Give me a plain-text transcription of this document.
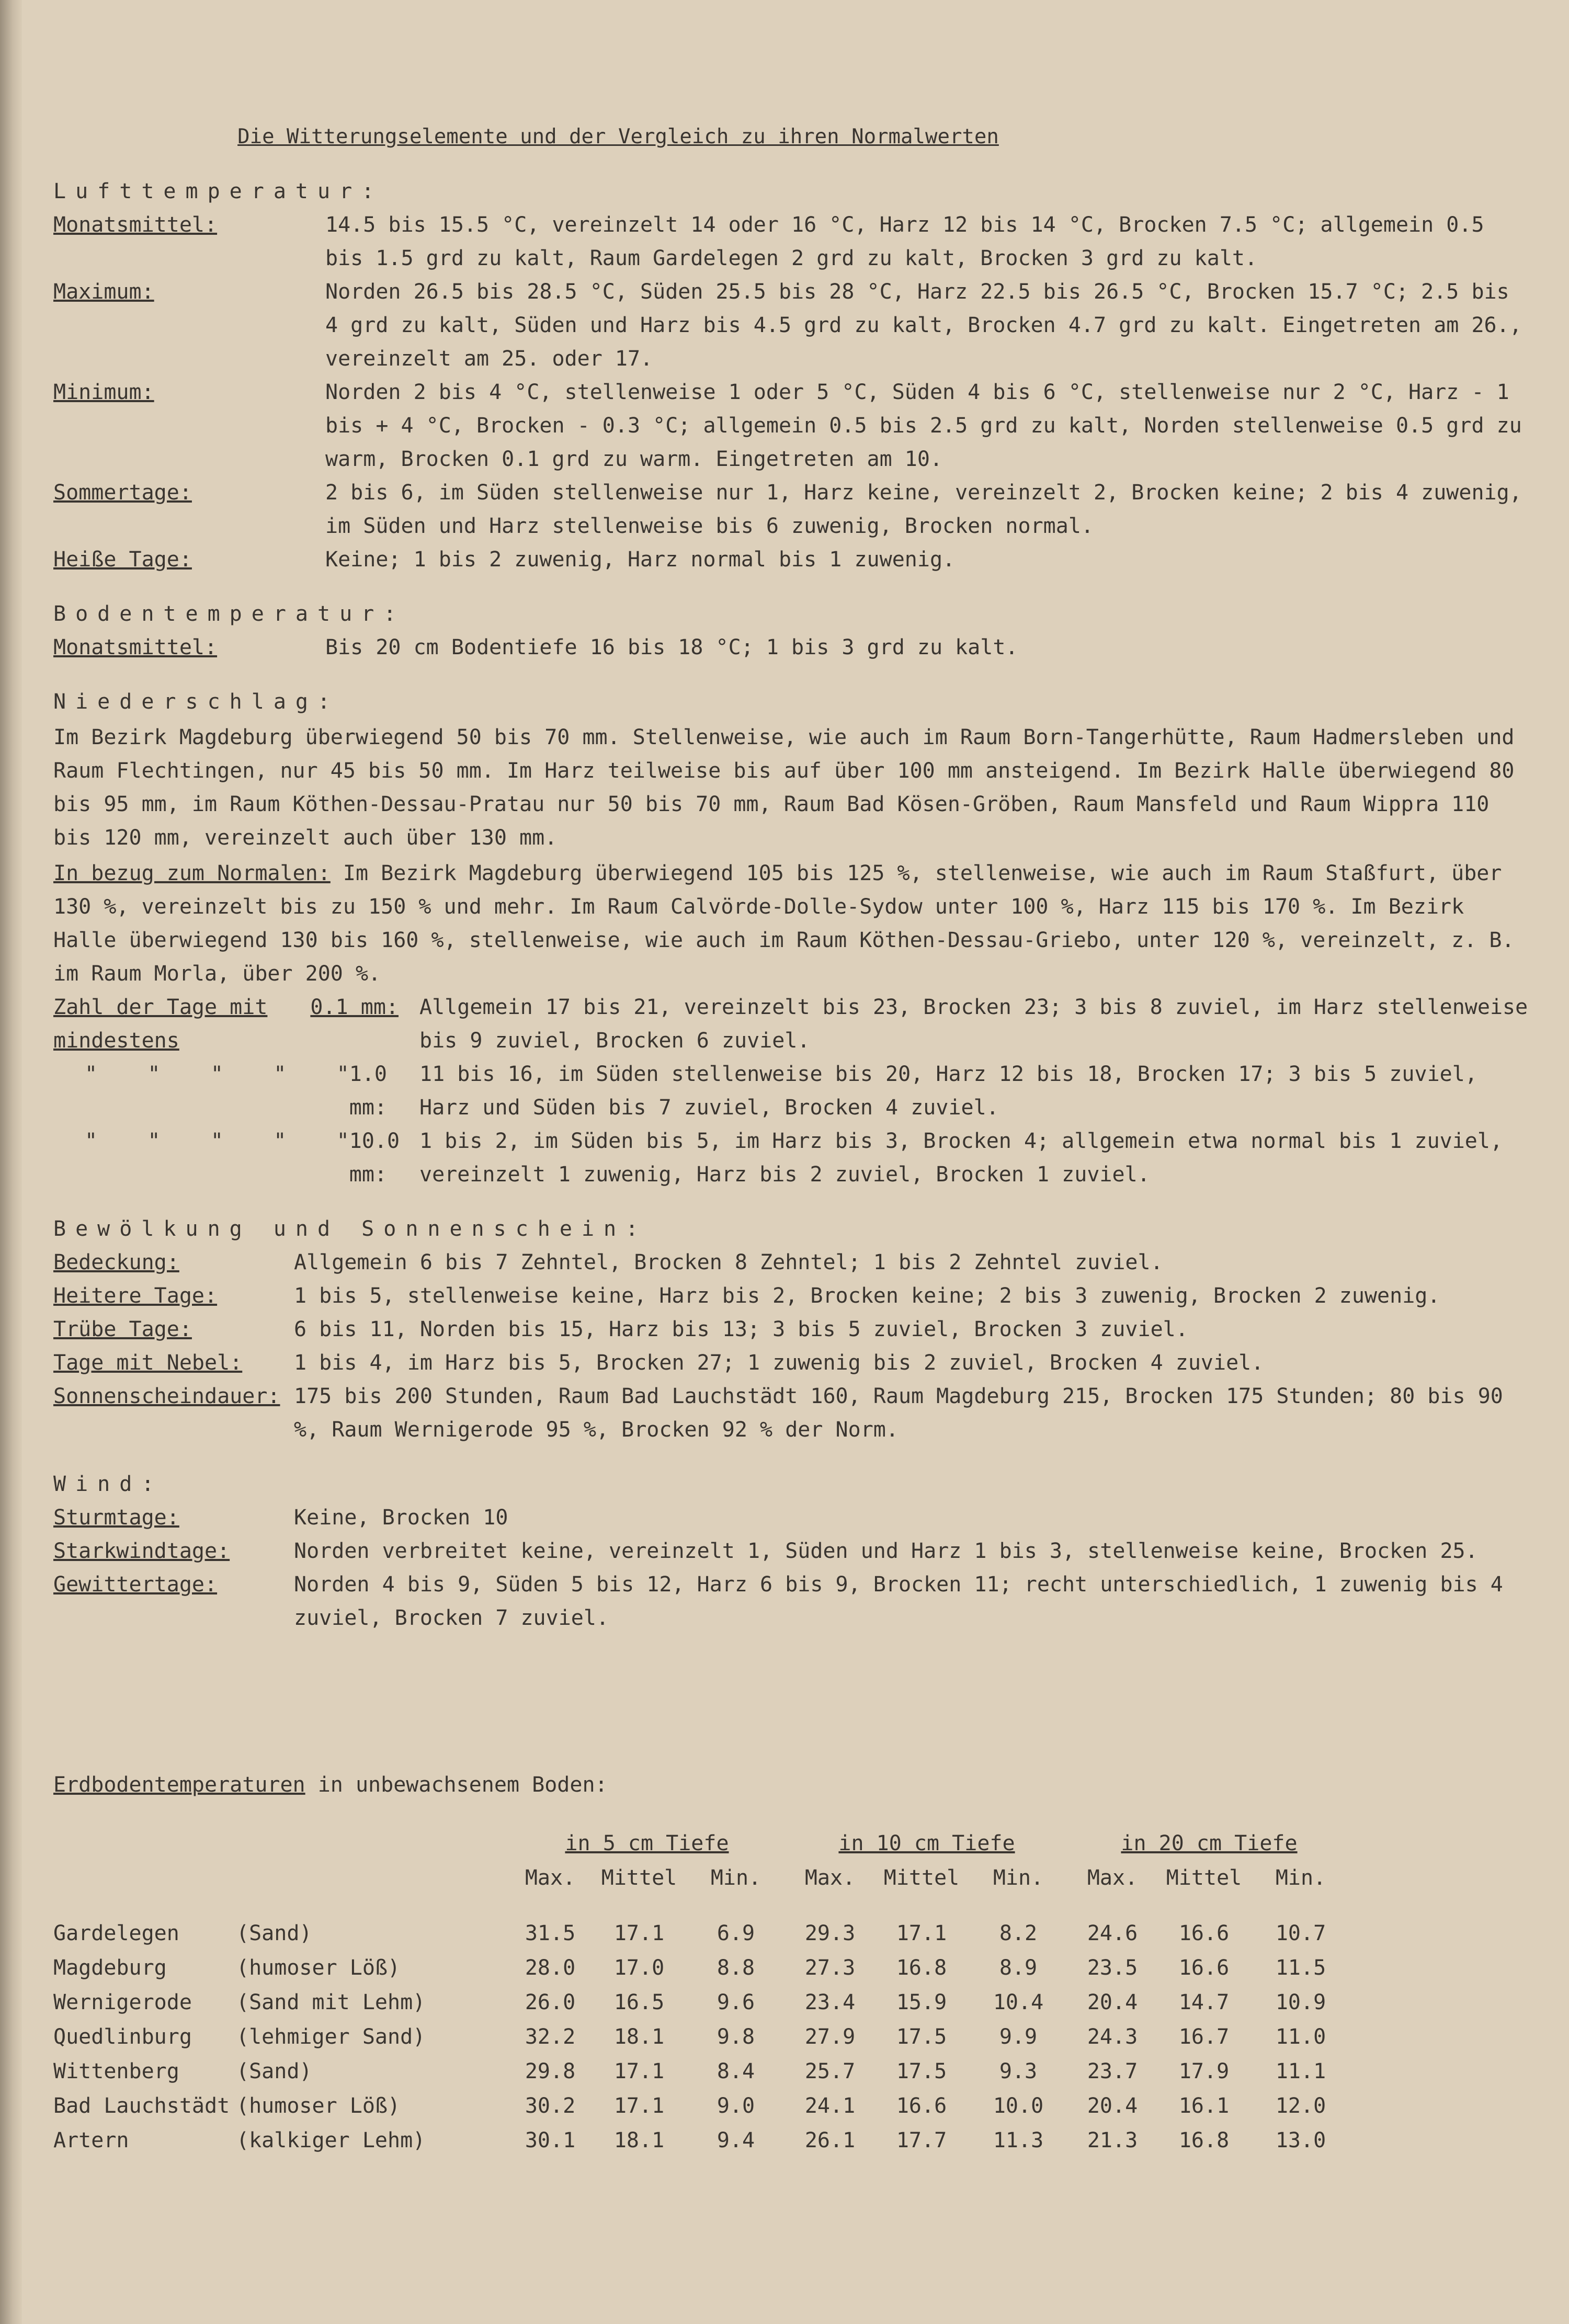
Die Witterungselemente und der Vergleich zu ihren Normalwerten
Lufttemperatur:
Monatsmittel:	14.5 bis 15.5 °C, vereinzelt 14 oder 16 °C, Harz 12 bis 14 °C, Brocken 7.5 °C; allgemein 0.5 bis 1.5 grd zu kalt, Raum Gardelegen 2 grd zu kalt, Brocken 3 grd zu kalt.
Maximum:	Norden 26.5 bis 28.5 °C, Süden 25.5 bis 28 °C, Harz 22.5 bis 26.5 °C, Brocken 15.7 °C; 2.5 bis 4 grd zu kalt, Süden und Harz bis 4.5 grd zu kalt, Brocken 4.7 grd zu kalt. Eingetreten am 26., vereinzelt am 25. oder 17.
Minimum:	Norden 2 bis 4 °C, stellenweise 1 oder 5 °C, Süden 4 bis 6 °C, stellenweise nur 2 °C, Harz - 1 bis + 4 °C, Brocken - 0.3 °C; allgemein 0.5 bis 2.5 grd zu kalt, Norden stellenweise 0.5 grd zu warm, Brocken 0.1 grd zu warm. Eingetreten am 10.
Sommertage:	2 bis 6, im Süden stellenweise nur 1, Harz keine, vereinzelt 2, Brocken keine; 2 bis 4 zuwenig, im Süden und Harz stellenweise bis 6 zuwenig, Brocken normal.
Heiße Tage:	Keine; 1 bis 2 zuwenig, Harz normal bis 1 zuwenig.
Bodentemperatur:
Monatsmittel:	Bis 20 cm Bodentiefe 16 bis 18 °C; 1 bis 3 grd zu kalt.
Niederschlag:
Im Bezirk Magdeburg überwiegend 50 bis 70 mm. Stellenweise, wie auch im Raum Born-Tangerhütte, Raum Hadmersleben und Raum Flechtingen, nur 45 bis 50 mm. Im Harz teilweise bis auf über 100 mm ansteigend. Im Bezirk Halle überwiegend 80 bis 95 mm, im Raum Köthen-Dessau-Pratau nur 50 bis 70 mm, Raum Bad Kösen-Gröben, Raum Mansfeld und Raum Wippra 110 bis 120 mm, vereinzelt auch über 130 mm.
In bezug zum Normalen: Im Bezirk Magdeburg überwiegend 105 bis 125 %, stellenweise, wie auch im Raum Staßfurt, über 130 %, vereinzelt bis zu 150 % und mehr. Im Raum Calvörde-Dolle-Sydow unter 100 %, Harz 115 bis 170 %. Im Bezirk Halle überwiegend 130 bis 160 %, stellenweise, wie auch im Raum Köthen-Dessau-Griebo, unter 120 %, vereinzelt, z. B. im Raum Morla, über 200 %.
Zahl der Tage mit mindestens
0.1 mm:	Allgemein 17 bis 21, vereinzelt bis 23, Brocken 23; 3 bis 8 zuviel, im Harz stellenweise bis 9 zuviel, Brocken 6 zuviel.
"    "    "    "    " 1.0 mm:
11 bis 16, im Süden stellenweise bis 20, Harz 12 bis 18, Brocken 17; 3 bis 5 zuviel, Harz und Süden bis 7 zuviel, Brocken 4 zuviel.
"    "    "    "    " 10.0 mm:
1 bis 2, im Süden bis 5, im Harz bis 3, Brocken 4; allgemein etwa normal bis 1 zuviel, vereinzelt 1 zuwenig, Harz bis 2 zuviel, Brocken 1 zuviel.
Bewölkung und Sonnenschein:
Bedeckung:	Allgemein 6 bis 7 Zehntel, Brocken 8 Zehntel; 1 bis 2 Zehntel zuviel.
Heitere Tage:	1 bis 5, stellenweise keine, Harz bis 2, Brocken keine; 2 bis 3 zuwenig, Brocken 2 zuwenig.
Trübe Tage:	6 bis 11, Norden bis 15, Harz bis 13; 3 bis 5 zuviel, Brocken 3 zuviel.
Tage mit Nebel:	1 bis 4, im Harz bis 5, Brocken 27; 1 zuwenig bis 2 zuviel, Brocken 4 zuviel.
Sonnenscheindauer: 175 bis 200 Stunden, Raum Bad Lauchstädt 160, Raum Magdeburg 215, Brocken 175 Stunden; 80 bis 90 %, Raum Wernigerode 95 %, Brocken 92 % der Norm.
Wind:
Sturmtage:	Keine, Brocken 10
Starkwindtage:	Norden verbreitet keine, vereinzelt 1, Süden und Harz 1 bis 3, stellenweise keine, Brocken 25.
Gewittertage:	Norden 4 bis 9, Süden 5 bis 12, Harz 6 bis 9, Brocken 11; recht unterschiedlich, 1 zuwenig bis 4 zuviel, Brocken 7 zuviel.
Erdbodentemperaturen in unbewachsenem Boden:
		in 5 cm Tiefe			in 10 cm Tiefe			in 20 cm Tiefe		
		Max.	Mittel	Min.	Max.	Mittel	Min.	Max.	Mittel	Min.

Gardelegen	(Sand)	31.5	17.1	6.9	29.3	17.1	8.2	24.6	16.6	10.7
Magdeburg	(humoser Löß)	28.0	17.0	8.8	27.3	16.8	8.9	23.5	16.6	11.5
Wernigerode	(Sand mit Lehm)	26.0	16.5	9.6	23.4	15.9	10.4	20.4	14.7	10.9
Quedlinburg	(lehmiger Sand)	32.2	18.1	9.8	27.9	17.5	9.9	24.3	16.7	11.0
Wittenberg	(Sand)	29.8	17.1	8.4	25.7	17.5	9.3	23.7	17.9	11.1
Bad Lauchstädt	(humoser Löß)	30.2	17.1	9.0	24.1	16.6	10.0	20.4	16.1	12.0
Artern	(kalkiger Lehm)	30.1	18.1	9.4	26.1	17.7	11.3	21.3	16.8	13.0
